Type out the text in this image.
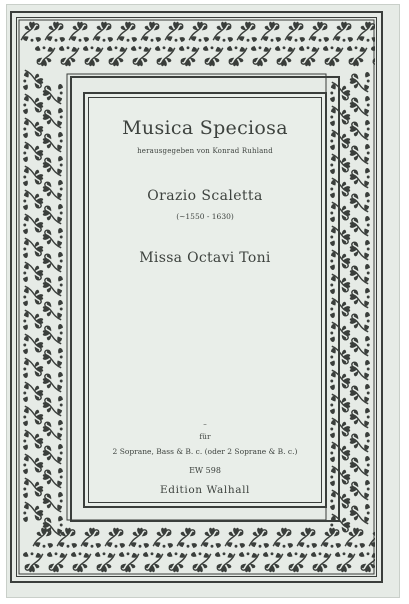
Musica Speciosa
herausgegeben von Konrad Ruhland
Orazio Scaletta
(~1550 - 1630)
Missa Octavi Toni
–
für
2 Soprane, Bass & B. c. (oder 2 Soprane & B. c.)
EW 598
Edition Walhall
